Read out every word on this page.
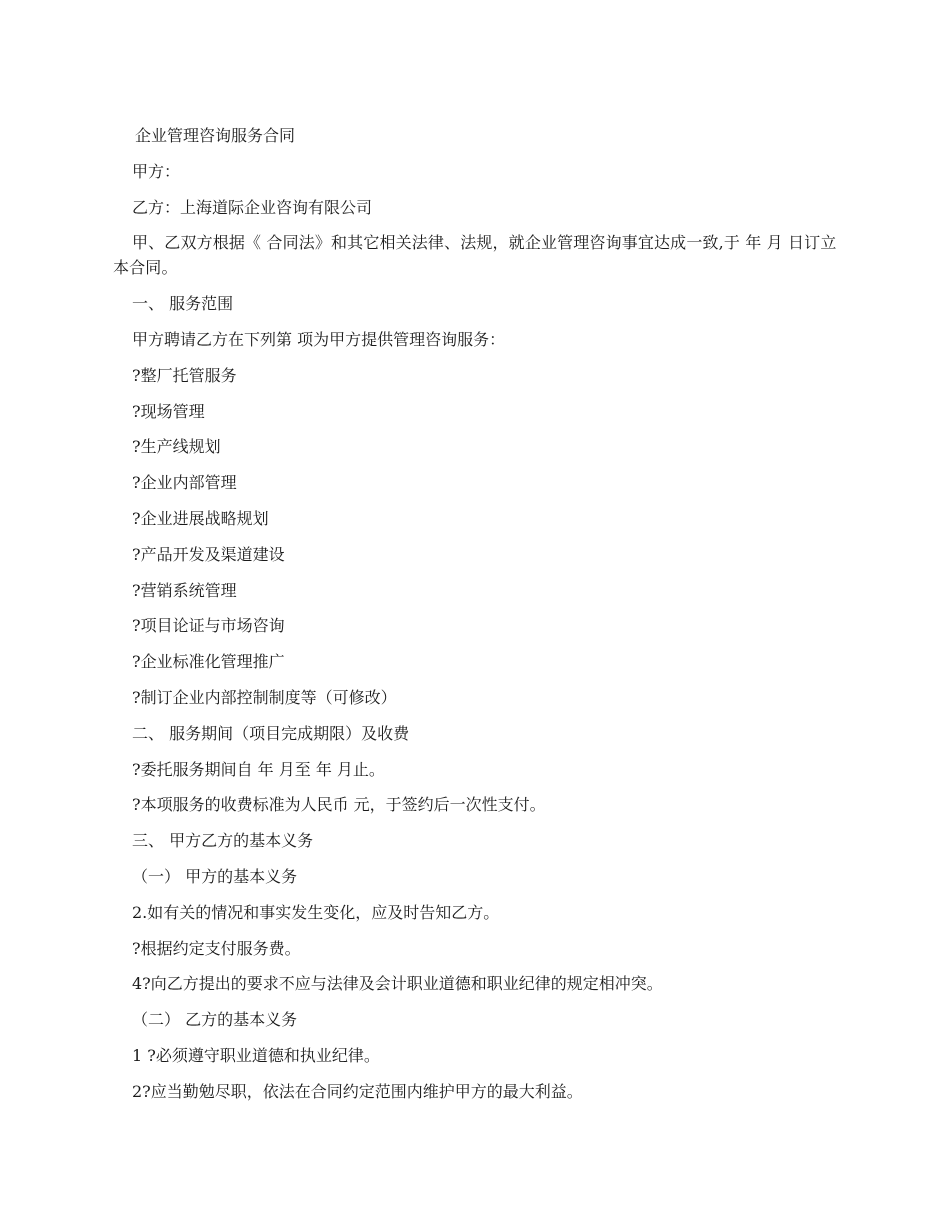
企业管理咨询服务合同
甲方：
乙方：上海道际企业咨询有限公司
甲、乙双方根据《 合同法》和其它相关法律、法规，就企业管理咨询事宜达成一致,于 年 月 日订立本合同。
一、 服务范围
甲方聘请乙方在下列第 项为甲方提供管理咨询服务：
?整厂托管服务
?现场管理
?生产线规划
?企业内部管理
?企业进展战略规划
?产品开发及渠道建设
?营销系统管理
?项目论证与市场咨询
?企业标准化管理推广
?制订企业内部控制制度等（可修改）
二、 服务期间（项目完成期限）及收费
?委托服务期间自 年 月至 年 月止。
?本项服务的收费标准为人民币 元，于签约后一次性支付。
三、 甲方乙方的基本义务
（一） 甲方的基本义务
2.如有关的情况和事实发生变化，应及时告知乙方。
?根据约定支付服务费。
4?向乙方提出的要求不应与法律及会计职业道德和职业纪律的规定相冲突。
（二） 乙方的基本义务
1 ?必须遵守职业道德和执业纪律。
2?应当勤勉尽职，依法在合同约定范围内维护甲方的最大利益。
